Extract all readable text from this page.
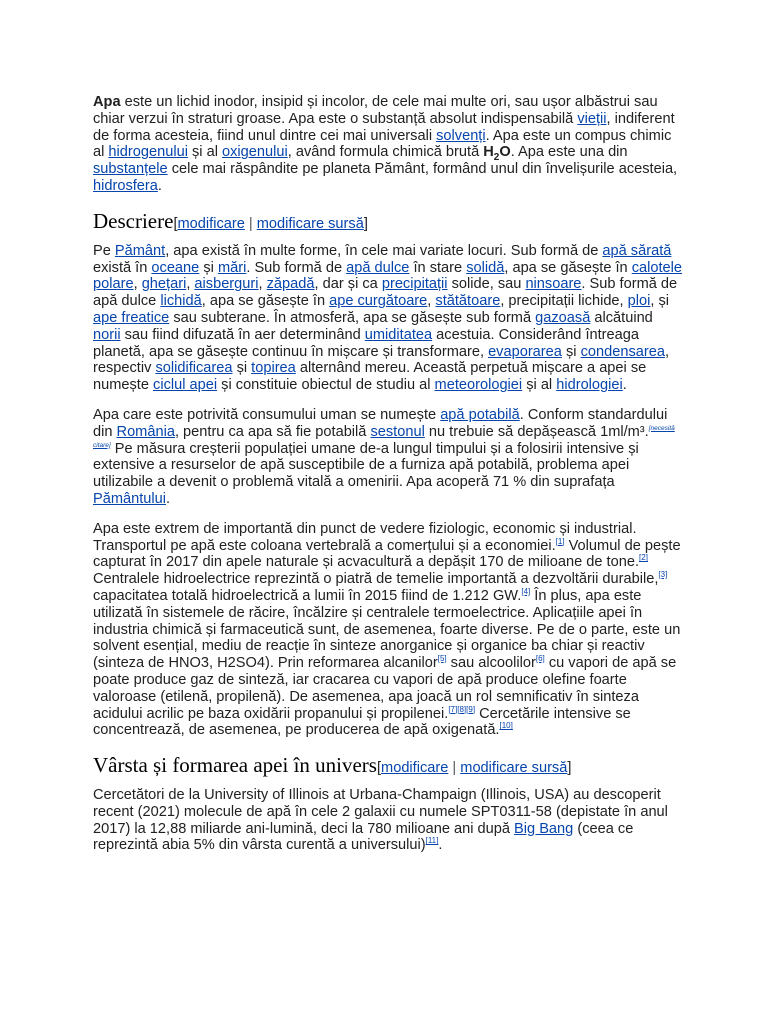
Apa este un lichid inodor, insipid și incolor, de cele mai multe ori, sau ușor albăstrui sau chiar verzui în straturi groase. Apa este o substanță absolut indispensabilă vieții, indiferent de forma acesteia, fiind unul dintre cei mai universali solvenți. Apa este un compus chimic al hidrogenului și al oxigenului, având formula chimică brută $H_2O$. Apa este una din substanțele cele mai răspândite pe planeta Pământ, formând unul din învelișurile acesteia, hidrosfera.

Descriere[modificare | modificare sursă]

Pe Pământ, apa există în multe forme, în cele mai variate locuri. Sub formă de apă sărată există în oceane și mări. Sub formă de apă dulce în stare solidă, apa se găsește în calotele polare, ghețari, aisberguri, zăpadă, dar și ca precipitații solide, sau ninsoare. Sub formă de apă dulce lichidă, apa se găsește în ape curgătoare, stătătoare, precipitații lichide, ploi, și ape freatice sau subterane. În atmosferă, apa se găsește sub formă gazoasă alcătuind norii sau fiind difuzată în aer determinând umiditatea acestuia. Considerând întreaga planetă, apa se găsește continuu în mișcare și transformare, evaporarea și condensarea, respectiv solidificarea și topirea alternând mereu. Această perpetuă mișcare a apei se numește ciclul apei și constituie obiectul de studiu al meteorologiei și al hidrologiei.

Apa care este potrivită consumului uman se numește apă potabilă. Conform standardului din România, pentru ca apa să fie potabilă sestonul nu trebuie să depășească 1ml/m³.[necesită citare] Pe măsura creșterii populației umane de-a lungul timpului și a folosirii intensive și extensive a resurselor de apă susceptibile de a furniza apă potabilă, problema apei utilizabile a devenit o problemă vitală a omenirii. Apa acoperă 71 % din suprafața Pământului.

Apa este extrem de importantă din punct de vedere fiziologic, economic și industrial. Transportul pe apă este coloana vertebrală a comerțului și a economiei.[1] Volumul de pește capturat în 2017 din apele naturale și acvacultură a depășit 170 de milioane de tone.[2] Centralele hidroelectrice reprezintă o piatră de temelie importantă a dezvoltării durabile,[3] capacitatea totală hidroelectrică a lumii în 2015 fiind de 1.212 GW.[4] În plus, apa este utilizată în sistemele de răcire, încălzire și centralele termoelectrice. Aplicațiile apei în industria chimică și farmaceutică sunt, de asemenea, foarte diverse. Pe de o parte, este un solvent esențial, mediu de reacție în sinteze anorganice și organice ba chiar și reactiv (sinteza de HNO3, H2SO4). Prin reformarea alcanilor[5] sau alcoolilor[6] cu vapori de apă se poate produce gaz de sinteză, iar cracarea cu vapori de apă produce olefine foarte valoroase (etilenă, propilenă). De asemenea, apa joacă un rol semnificativ în sinteza acidului acrilic pe baza oxidării propanului și propilenei.[7][8][9] Cercetările intensive se concentrează, de asemenea, pe producerea de apă oxigenată.[10]

Vârsta și formarea apei în univers[modificare | modificare sursă]

Cercetători de la University of Illinois at Urbana-Champaign (Illinois, USA) au descoperit recent (2021) molecule de apă în cele 2 galaxii cu numele SPT0311-58 (depistate în anul 2017) la 12,88 miliarde ani-lumină, deci la 780 milioane ani după Big Bang (ceea ce reprezintă abia 5% din vârsta curentă a universului)[11].
